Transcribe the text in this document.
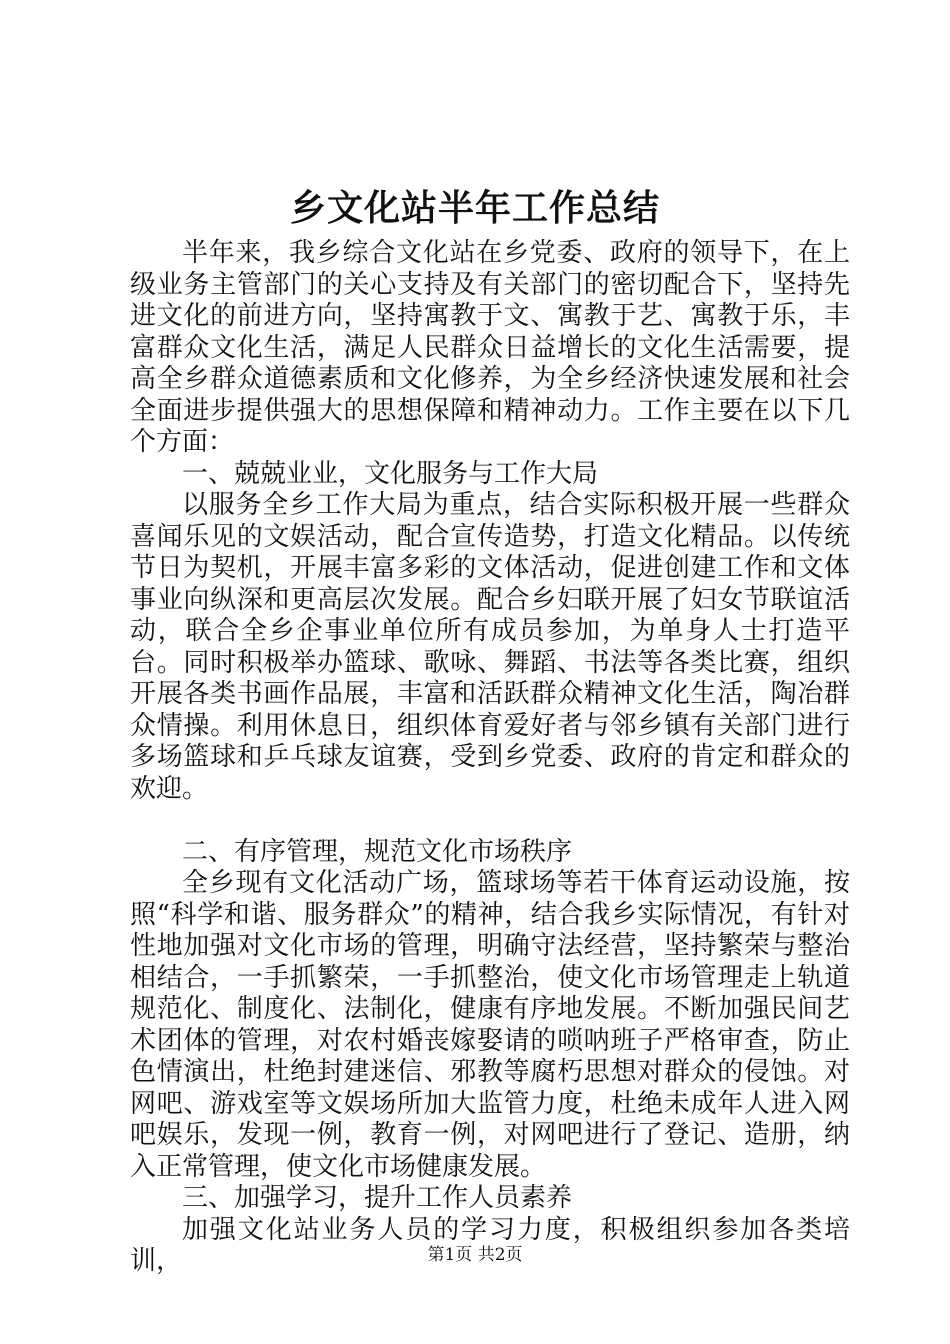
乡文化站半年工作总结

半年来，我乡综合文化站在乡党委、政府的领导下，在上级业务主管部门的关心支持及有关部门的密切配合下，坚持先进文化的前进方向，坚持寓教于文、寓教于艺、寓教于乐，丰富群众文化生活，满足人民群众日益增长的文化生活需要，提高全乡群众道德素质和文化修养，为全乡经济快速发展和社会全面进步提供强大的思想保障和精神动力。工作主要在以下几个方面：

一、兢兢业业，文化服务与工作大局

以服务全乡工作大局为重点，结合实际积极开展一些群众喜闻乐见的文娱活动，配合宣传造势，打造文化精品。以传统节日为契机，开展丰富多彩的文体活动，促进创建工作和文体事业向纵深和更高层次发展。配合乡妇联开展了妇女节联谊活动，联合全乡企事业单位所有成员参加，为单身人士打造平台。同时积极举办篮球、歌咏、舞蹈、书法等各类比赛，组织开展各类书画作品展，丰富和活跃群众精神文化生活，陶冶群众情操。利用休息日，组织体育爱好者与邻乡镇有关部门进行多场篮球和乒乓球友谊赛，受到乡党委、政府的肯定和群众的欢迎。

二、有序管理，规范文化市场秩序

全乡现有文化活动广场，篮球场等若干体育运动设施，按照“科学和谐、服务群众”的精神，结合我乡实际情况，有针对性地加强对文化市场的管理，明确守法经营，坚持繁荣与整治相结合，一手抓繁荣，一手抓整治，使文化市场管理走上轨道规范化、制度化、法制化，健康有序地发展。不断加强民间艺术团体的管理，对农村婚丧嫁娶请的唢呐班子严格审查，防止色情演出，杜绝封建迷信、邪教等腐朽思想对群众的侵蚀。对网吧、游戏室等文娱场所加大监管力度，杜绝未成年人进入网吧娱乐，发现一例，教育一例，对网吧进行了登记、造册，纳入正常管理，使文化市场健康发展。

三、加强学习，提升工作人员素养

加强文化站业务人员的学习力度，积极组织参加各类培训，	第1页 共2页
